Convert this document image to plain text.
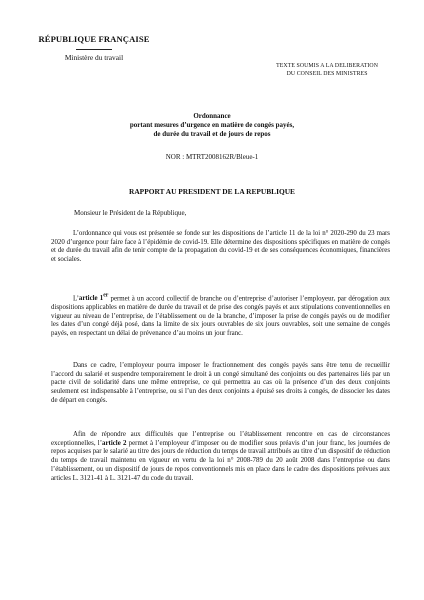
RÉPUBLIQUE FRANÇAISE
Ministère du travail
TEXTE SOUMIS A LA DELIBERATION
DU CONSEIL DES MINISTRES
Ordonnance
portant mesures d’urgence en matière de congés payés,
de durée du travail et de jours de repos
NOR : MTRT2008162R/Bleue-1
RAPPORT AU PRESIDENT DE LA REPUBLIQUE
Monsieur le Président de la République,

L’ordonnance qui vous est présentée se fonde sur les dispositions de l’article 11 de la loi n° 2020-290 du 23 mars 2020 d’urgence pour faire face à l’épidémie de covid-19. Elle détermine des dispositions spécifiques en matière de congés et de durée du travail afin de tenir compte de la propagation du covid-19 et de ses conséquences économiques, financières et sociales.

L’article 1er permet à un accord collectif de branche ou d’entreprise d’autoriser l’employeur, par dérogation aux dispositions applicables en matière de durée du travail et de prise des congés payés et aux stipulations conventionnelles en vigueur au niveau de l’entreprise, de l’établissement ou de la branche, d’imposer la prise de congés payés ou de modifier les dates d’un congé déjà posé, dans la limite de six jours ouvrables de six jours ouvrables, soit une semaine de congés payés, en respectant un délai de prévenance d’au moins un jour franc.

Dans ce cadre, l’employeur pourra imposer le fractionnement des congés payés sans être tenu de recueillir l’accord du salarié et suspendre temporairement le droit à un congé simultané des conjoints ou des partenaires liés par un pacte civil de solidarité dans une même entreprise, ce qui permettra au cas où la présence d’un des deux conjoints seulement est indispensable à l’entreprise, ou si l’un des deux conjoints a épuisé ses droits à congés, de dissocier les dates de départ en congés.

Afin de répondre aux difficultés que l’entreprise ou l’établissement rencontre en cas de circonstances exceptionnelles, l’article 2 permet à l’employeur d’imposer ou de modifier sous préavis d’un jour franc, les journées de repos acquises par le salarié au titre des jours de réduction du temps de travail attribués au titre d’un dispositif de réduction du temps de travail maintenu en vigueur en vertu de la loi n° 2008-789 du 20 août 2008 dans l’entreprise ou dans l’établissement, ou un dispositif de jours de repos conventionnels mis en place dans le cadre des dispositions prévues aux articles L. 3121-41 à L. 3121-47 du code du travail.
